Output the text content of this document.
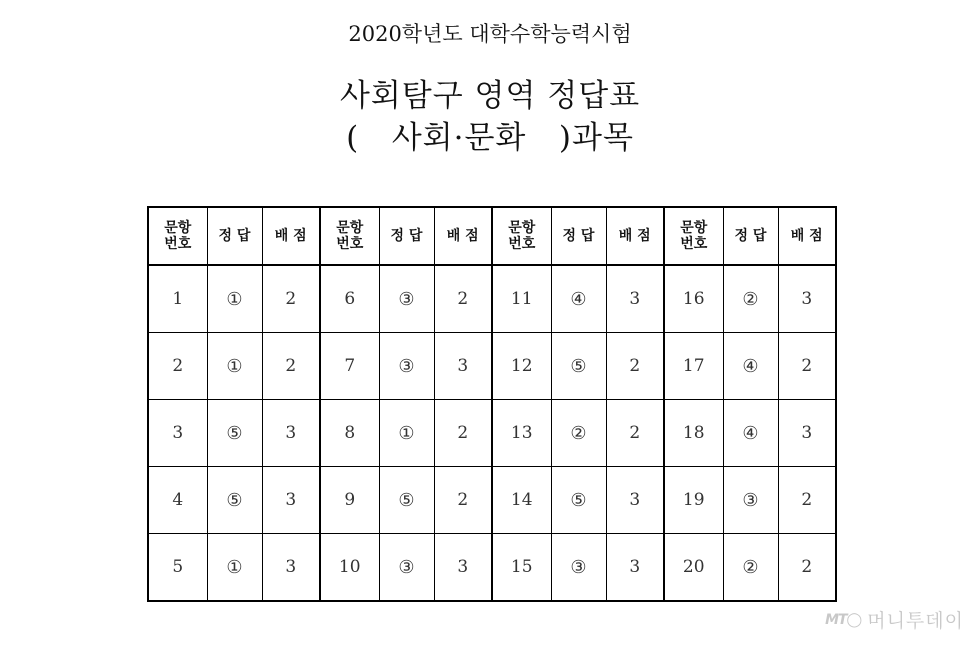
2020학년도 대학수학능력시험
사회탐구 영역 정답표
(   사회·문화   )과목
문항
번호	정 답	배 점	문항
번호	정 답	배 점	문항
번호	정 답	배 점	문항
번호	정 답	배 점
1	①	2	6	③	2	11	④	3	16	②	3
2	①	2	7	③	3	12	⑤	2	17	④	2
3	⑤	3	8	①	2	13	②	2	18	④	3
4	⑤	3	9	⑤	2	14	⑤	3	19	③	2
5	①	3	10	③	3	15	③	3	20	②	2
MT◯ 머니투데이
